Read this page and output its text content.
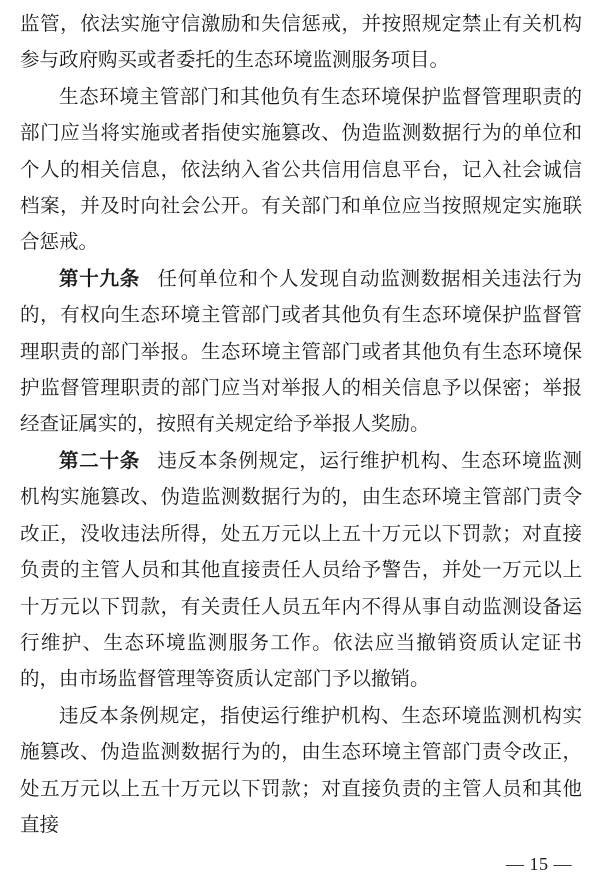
监管，依法实施守信激励和失信惩戒，并按照规定禁止有关机构参与政府购买或者委托的生态环境监测服务项目。

生态环境主管部门和其他负有生态环境保护监督管理职责的部门应当将实施或者指使实施篡改、伪造监测数据行为的单位和个人的相关信息，依法纳入省公共信用信息平台，记入社会诚信档案，并及时向社会公开。有关部门和单位应当按照规定实施联合惩戒。

第十九条 任何单位和个人发现自动监测数据相关违法行为的，有权向生态环境主管部门或者其他负有生态环境保护监督管理职责的部门举报。生态环境主管部门或者其他负有生态环境保护监督管理职责的部门应当对举报人的相关信息予以保密；举报经查证属实的，按照有关规定给予举报人奖励。

第二十条 违反本条例规定，运行维护机构、生态环境监测机构实施篡改、伪造监测数据行为的，由生态环境主管部门责令改正，没收违法所得，处五万元以上五十万元以下罚款；对直接负责的主管人员和其他直接责任人员给予警告，并处一万元以上十万元以下罚款，有关责任人员五年内不得从事自动监测设备运行维护、生态环境监测服务工作。依法应当撤销资质认定证书的，由市场监督管理等资质认定部门予以撤销。

违反本条例规定，指使运行维护机构、生态环境监测机构实施篡改、伪造监测数据行为的，由生态环境主管部门责令改正，处五万元以上五十万元以下罚款；对直接负责的主管人员和其他直接

— 15 —
